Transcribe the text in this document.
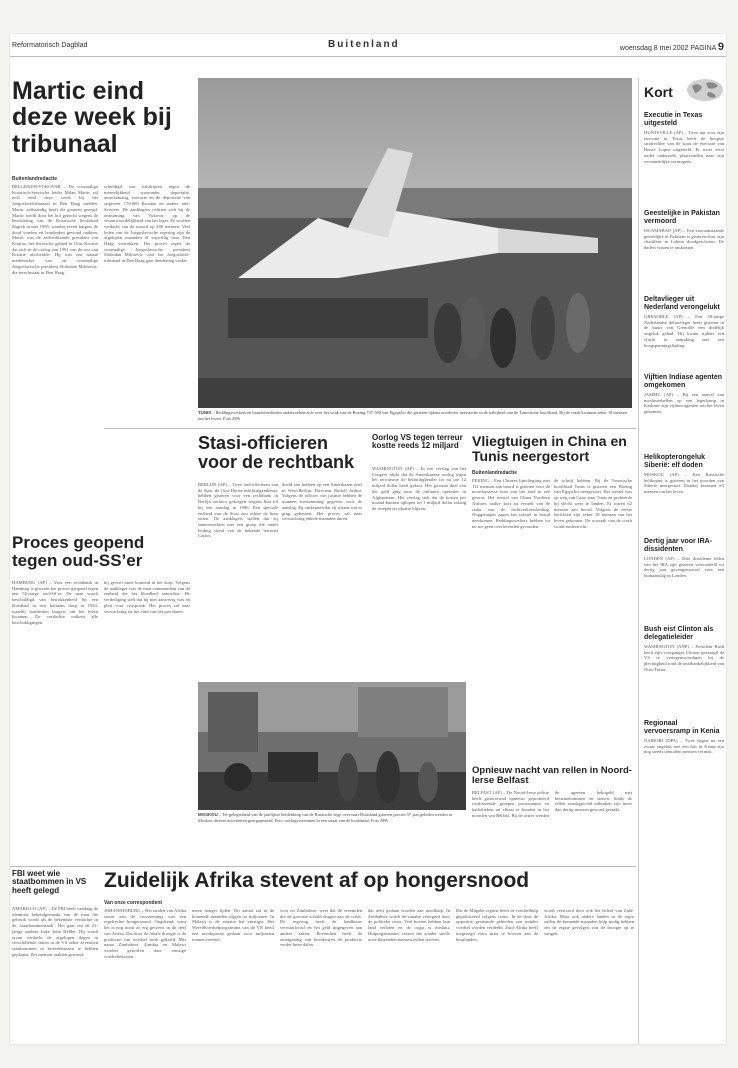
Reformatorisch Dagblad	Buitenland	woensdag 8 mei 2002 PAGINA 9
Martic eind deze week bij tribunaal
Buitenlandredactie
BELGRADO/VUKOVAR – De voormalige Kroatisch-Servische leider Milan Martic zal zich eind deze week bij het Joegoslaviëtribunaal in Den Haag melden. Martic zelfstandig heeft dit gisteren gezegd. Martic wordt door het hof gezocht wegens de beschieting van de Kroatische hoofdstad Zagreb in mei 1995, waarbij zeven burgers de dood vonden en honderden gewond raakten. Martic was de zelfverklaarde president van Krajina, het Servische gebied in Oost-Kroatië dat zich in de oorlog van 1991 van de rest van Kroatië afscheidde. Hij was een naaste medewerker van de voormalige Joegoslavische president Slobodan Milosevic, die terechtstaat in Den Haag.
schuldigd van misdrijven tegen de menselijkheid waaronder deportatie, onrechtmatig, executie en de deportatie van ongeveer 170.000 Kroaten en andere niet-Serviërs. De aanklagers richtten zich bij de ontruiming van Vukovar op de verantwoordelijkheid van het leger. Ze worden verdacht van de moord op 200 mensen. Veel leden van de Joegoslavische regering zijn de afgelopen maanden al vrijwillig naar Den Haag vertrokken. Het proces tegen de voormalige Joegoslavische president Slobodan Milosevic voor het Joegoslavië-tribunaal in Den Haag gaat donderdag verder.
TUNIS – Reddingswerkers en brandweerlieden onderzoeken zich over het wrak van de Boeing 737-500 van EgyptAir die gisteren tijdens noodweer neerstortte in de nabijheid van de Tunesische hoofdstad. Bij de crash kwamen zeker 18 mensen om het leven. Foto EPA
Stasi-officieren voor de rechtbank
BERLIJN (AP) – Twee oud-officieren van de Stasi, de Oost-Duitse inlichtingendienst, hebben gisteren voor een rechtbank in Berlijn verhoor gekregen wegens hun rol bij een aanslag in 1986. Een speciale eenheid van de Stasi zou achter de bom zitten. De aanklagers stellen dat zij samenwerkten met een groep die onder leiding stond van de bekende terrorist Carlos.
doeld zou hebben op een Amerikaans doel in West-Berlijn. Directeur Rudolf Arthur. Volgens de officier van justitie hebben de mannen toestemming gegeven voor de aanslag. Zij ontkennen dat zij wisten wat er ging gebeuren. Het proces zal naar verwachting enkele maanden duren.
Oorlog VS tegen terreur kostte reeds 12 miljard
WASHINGTON (AP) – In een verslag van het Congres blijkt dat de Amerikaanse oorlog tegen het terrorisme de belastingbetaler tot nu toe 12 miljard dollar heeft gekost. Het grootste deel van het geld ging naar de militaire operaties in Afghanistan. Het verslag stelt dat de kosten per maand kunnen oplopen tot 1 miljard dollar zolang de troepen ter plaatse blijven.
Vliegtuigen in China en Tunis neergestort
Buitenlandredactie
PEKING – Een Chinees lijnvliegtuig met 112 mensen aan boord is gisteren voor de noordoosterse kust van het land in zee gestort. Het toestel van China Northern Airlines raakte kort na vertrek van de radar van de luchtverkeersleiding. Ooggetuigen zagen het toestel in brand neerkomen. Reddingswerkers hebben tot nu toe geen overlevenden gevonden.
de schrijf hebben. Bij de Tunesische hoofdstad Tunis is gisteren een Boeing van EgyptAir neergestort. Het toestel was op weg van Caïro naar Tunis en probeerde bij slecht weer te landen. Er waren 62 mensen aan boord. Volgens de eerste berichten zijn zeker 18 mensen om het leven gekomen. De oorzaak van de crash wordt onderzocht.
Proces geopend tegen oud-SS’er
HAMBURG (AP) – Voor een rechtbank in Hamburg is gisteren het proces geopend tegen een 92-jarige oud-SS’er. De man wordt beschuldigd van betrokkenheid bij een bloedbad in een Italiaans dorp in 1944, waarbij honderden burgers om het leven kwamen. De verdachte ontkent alle beschuldigingen.
bij gevoel moet komend in het dorp. Volgens de aanklager was de man commandant van de eenheid die het bloedbad aanrichtte. De verdediging stelt dat hij niet aanwezig was en pleit voor vrijspraak. Het proces zal naar verwachting tot het eind van het jaar duren.
MOSKOU – Ter gelegenheid van de jaarlijkse herdenking van de Russische zege over nazi-Duitsland gisteren precies 57 jaar geleden werden in Moskou diverse activiteiten georganiseerd. Foto: oorlogsveteranen in een straat van de hoofdstad. Foto EPA
Opnieuw nacht van rellen in Noord-Ierse Belfast
BELFAST (AP) – De Noord-Ierse politie heeft gisteravond opnieuw geprobeerd rivaliserende groepen protestanten en katholieken uit elkaar te houden in het noorden van Belfast. Bij de acties werden de agenten bekogeld met benzinebommen en stenen. Sinds de rellen zondagavond uitbraken zijn meer dan dertig mensen gewond geraakt.
FBI weet wie staatbommen in VS heeft gelegd
AMARILLO (AP) – De FBI heeft vandaag de identiteit bekendgemaakt van de man die gebruik wordt als de bekendste verdachte in de ‘staatbommenzaak’. Het gaat om de 21-jarige student Luke John Helder. Hij wordt ervan verdacht de afgelopen dagen in verschillende staten in de VS zeker zeventien staatbommen in brievenbussen te hebben geplaatst. Zes mensen raakten gewond.
Zuidelijk Afrika stevent af op hongersnood
Van onze correspondent
JOHANNESBURG – Het zuiden van Afrika stuurt aan de voorzienings van een regelrechte hongersnood. Ongekend, want het is nog nooit zo erg geweest in dit deel van Afrika. Dat door de lokale droogte is de productie van voedsel sterk gedaald. Met name Zimbabwe, Zambia en Malawi worden getroffen door ernstige voedseltekorten.
meen honger lijden. Dit aantal zal in de komende maanden stijgen tot miljoenen. In Malawi is de situatie het ernstigst. Het Wereldvoedselprogramma van de VN heeft een noodoproep gedaan voor miljoenen tonnen voedsel.
voor en Zimbabwe, weet dat de vreemden die de grootste schuld dragen aan de crisis. De regering heeft de landbouw verwaarloosd en het geld uitgegeven aan andere zaken. Bovendien heeft de onteigening van boerderijen de productie verder laten dalen.
dat reeft gedaan worden aan noodhulp. In Zimbabwe wordt de situatie verergerd door de politieke crisis. Veel boeren hebben hun land verlaten en de oogst is mislukt. Hulporganisaties vrezen dat zonder snelle actie duizenden mensen zullen sterven.
Dat de Mugabe-regime heeft de voedselhulp gepolitiseerd volgens critici. In de door de oppositie gesteunde gebieden zou minder voedsel worden verdeeld. Zuid-Afrika heeft toegezegd extra mais te leveren aan de buurlanden.
wordt verstoord door ook het beleid van Zuid-Afrika. Maar ook andere landen in de regio zullen de komende maanden hulp nodig hebben om de ergste gevolgen van de droogte op te vangen.
Kort
Executie in Texas uitgesteld
HUNTSVILLE (AP) – Twee uur voor zijn executie in Texas heeft de hoogste strafrechter van de staat de executie van Betsie Lopez uitgesteld. Er moet eerst nader onderzoek plaatsvinden naar zijn verstandelijke vermogens.
Geestelijke in Pakistan vermoord
ISLAMABAD (AP) – Een vooraanstaande geestelijke in Pakistan is gisteren door zijn chauffeur in Lahore doodgeschoten. De daders wisten te ontkomen.
Deltavlieger uit Nederland verongelukt
GRENOBLE (AP) – Een 38-jarige Nederlandse deltavlieger heeft gisteren in de buurt van Grenoble een dodelijk ongeluk gehad. Hij kwam tijdens een vlucht in aanraking met een hoogspanningsleiding.
Vijftien Indiase agenten omgekomen
JAMMU (AP) – Bij een aanval van moslimrebellen op een legerkamp in Kashmir zijn vijftien agenten om het leven gekomen.
Helikopterongeluk Siberië: elf doden
MOSKOU (AP) – Een Russische helikopter is gisteren in het noorden van Siberië neergestort. Daarbij kwamen elf mensen om het leven.
Dertig jaar voor IRA-dissidenten
LONDEN (AP) – Drie dissidente leden van het IRA zijn gisteren veroordeeld tot dertig jaar gevangenisstraf voor een bomaanslag in Londen.
Bush eist Clinton als delegatieleider
WASHINGTON (ANP) – President Bush heeft zijn voorganger Clinton gevraagd de VS te vertegenwoordigen bij de plechtigheid rond de onafhankelijkheid van Oost-Timor.
Regionaal vervoersramp in Kenia
NAIROBI (DPA) – Twee dagen na een zwaar ongeluk met een bus in Kenia zijn nog steeds tientallen mensen vermist.
